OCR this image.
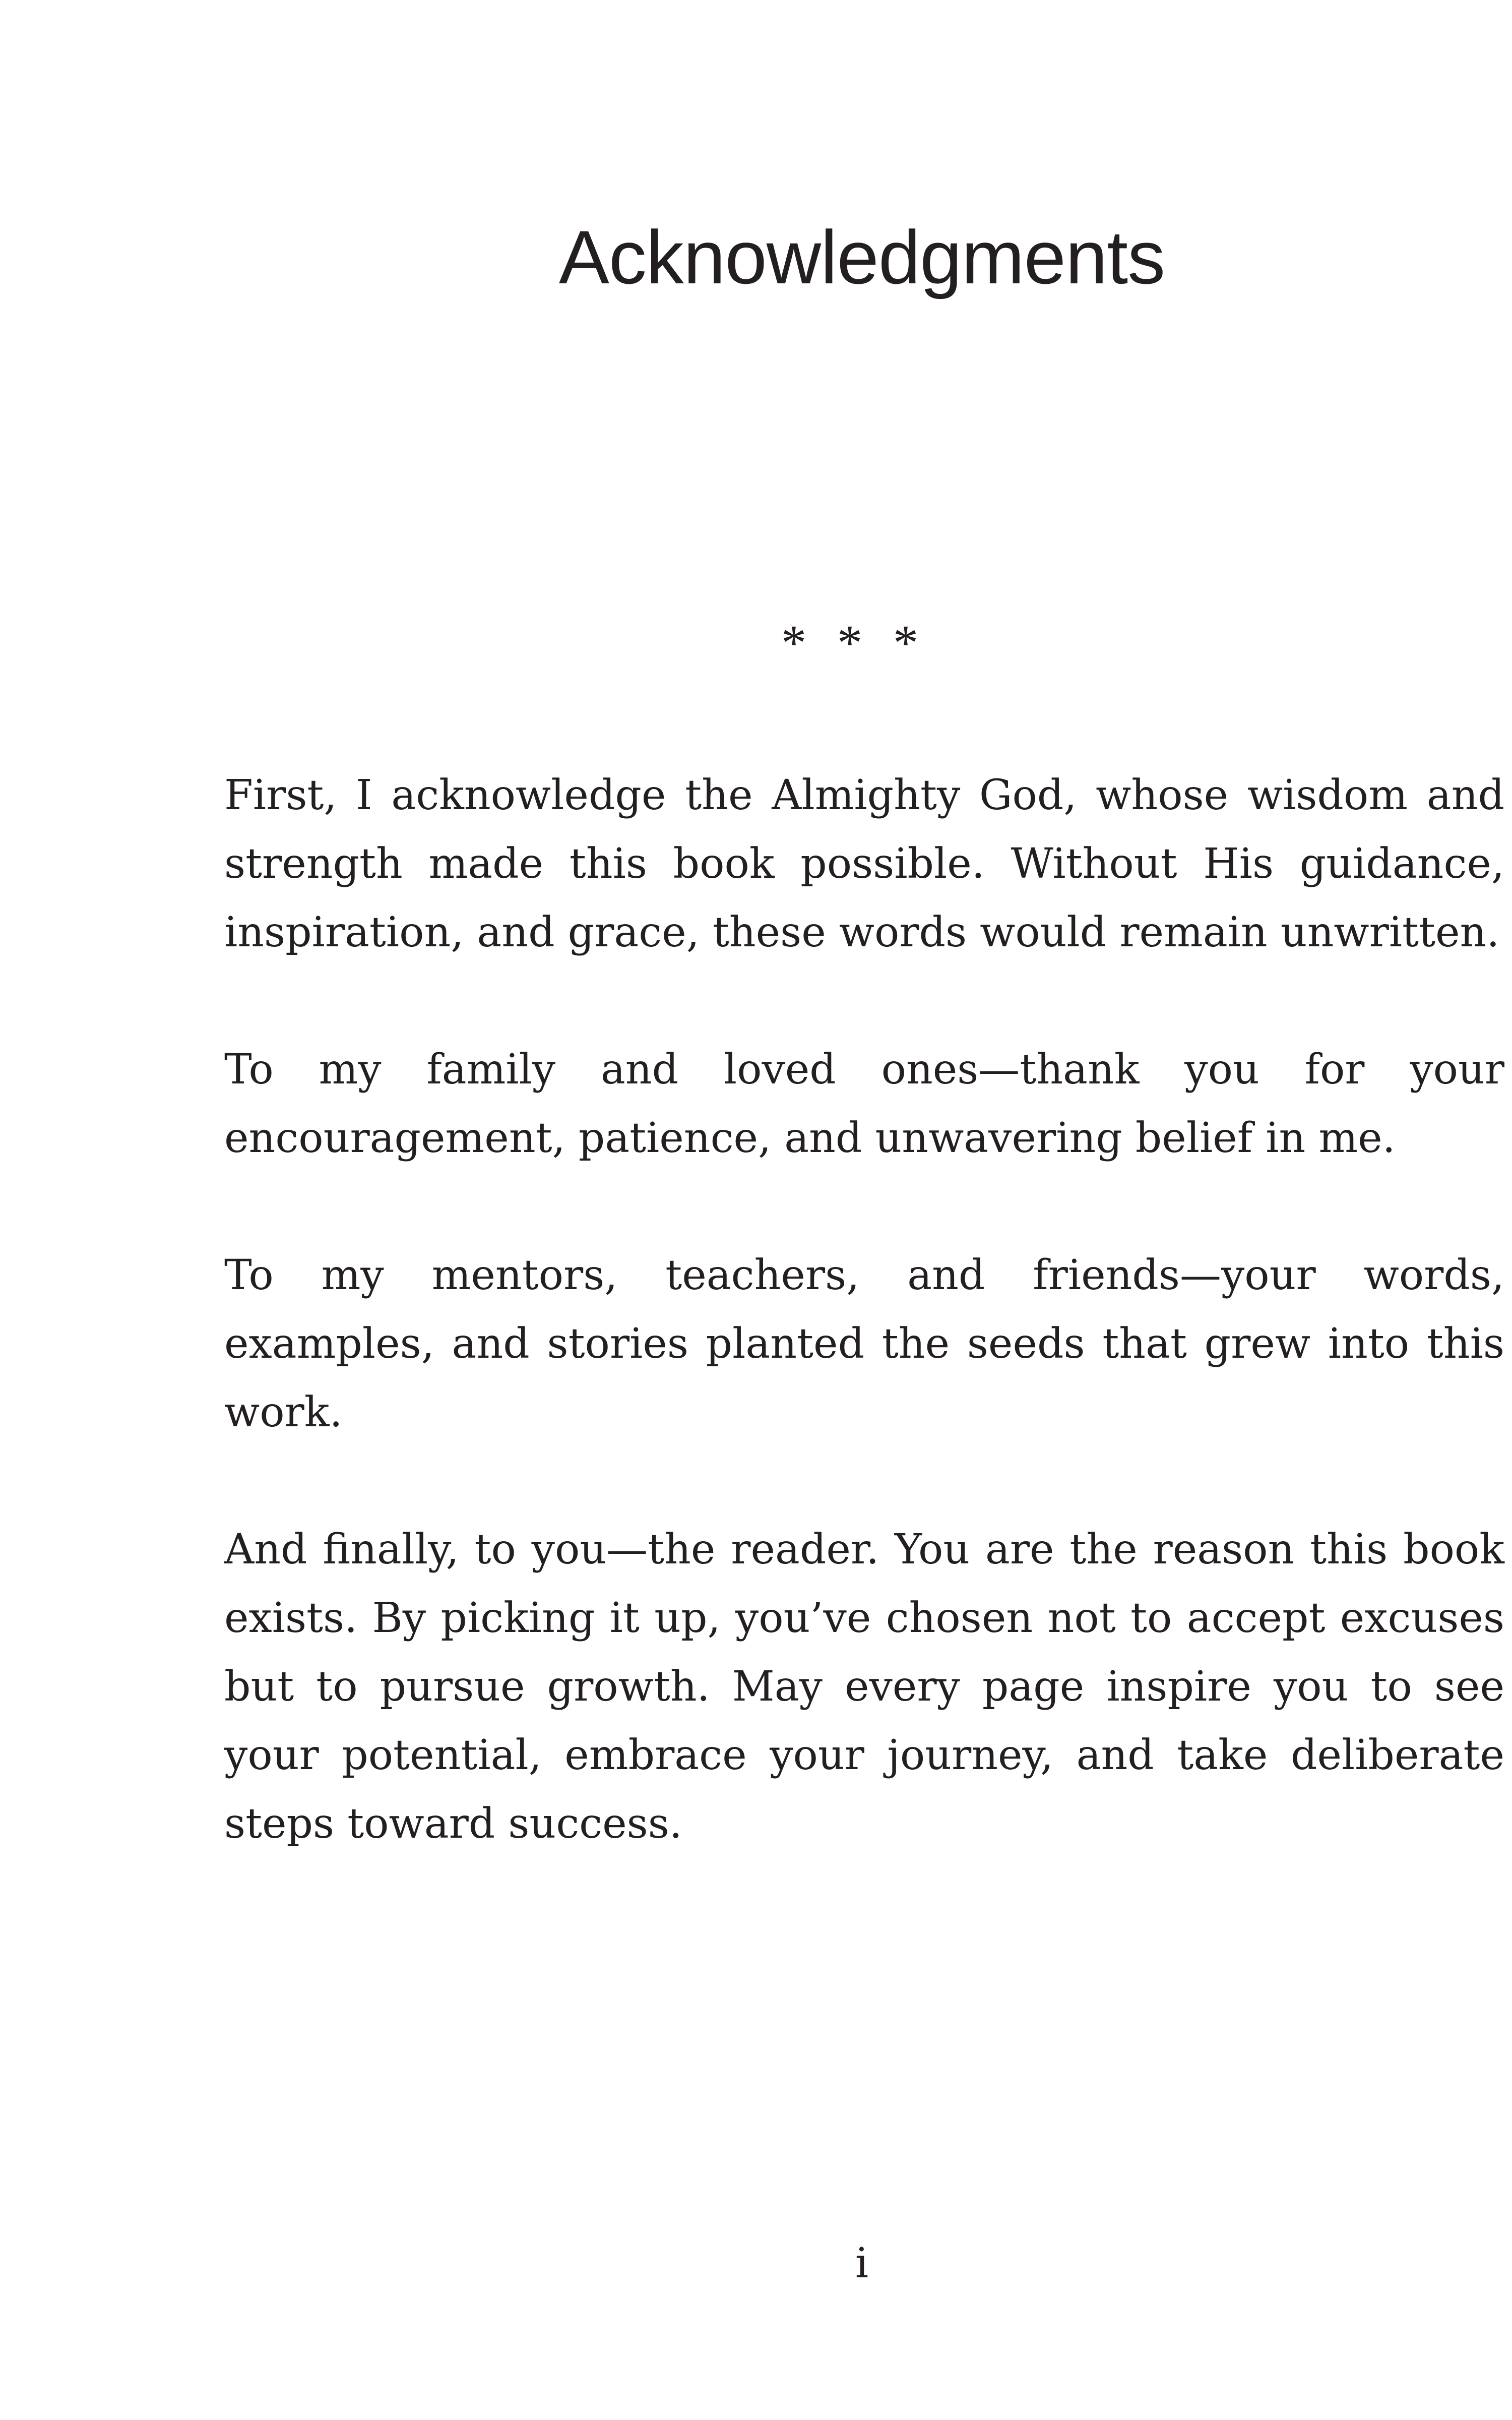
Acknowledgments
* * *

First, I acknowledge the Almighty God, whose wisdom and strength made this book possible. Without His guidance, inspiration, and grace, these words would remain unwritten.

To my family and loved ones—thank you for your encouragement, patience, and unwavering belief in me.

To my mentors, teachers, and friends—your words, examples, and stories planted the seeds that grew into this work.

And finally, to you—the reader. You are the reason this book exists. By picking it up, you’ve chosen not to accept excuses but to pursue growth. May every page inspire you to see your potential, embrace your journey, and take deliberate steps toward success.

i
